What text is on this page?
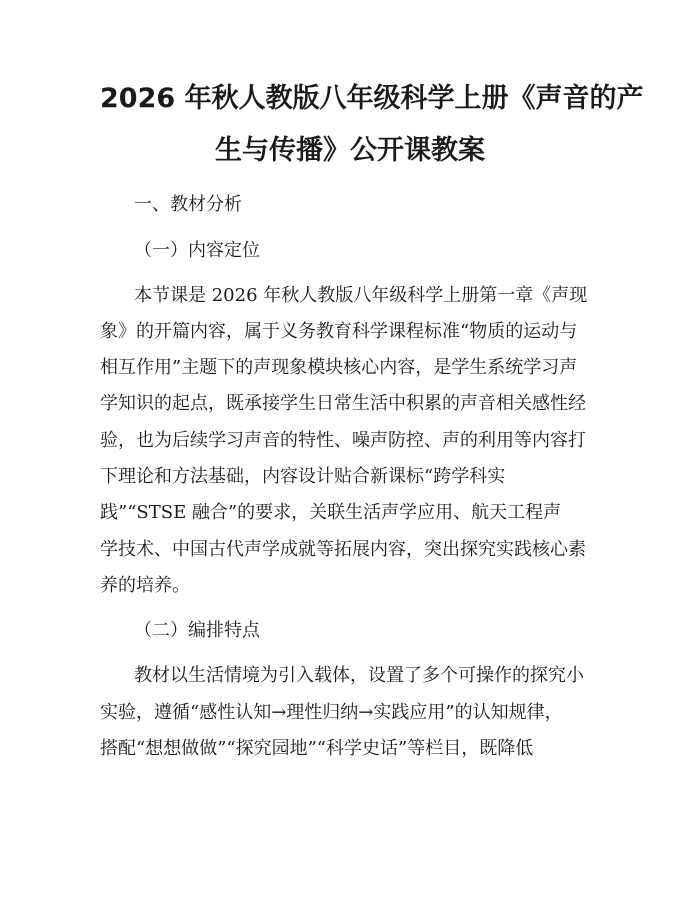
2026 年秋人教版八年级科学上册《声音的产
生与传播》公开课教案
一、教材分析
（一）内容定位
本节课是 2026 年秋人教版八年级科学上册第一章《声现
象》的开篇内容，属于义务教育科学课程标准“物质的运动与
相互作用”主题下的声现象模块核心内容，是学生系统学习声
学知识的起点，既承接学生日常生活中积累的声音相关感性经
验，也为后续学习声音的特性、噪声防控、声的利用等内容打
下理论和方法基础，内容设计贴合新课标“跨学科实
践”“STSE 融合”的要求，关联生活声学应用、航天工程声
学技术、中国古代声学成就等拓展内容，突出探究实践核心素
养的培养。
（二）编排特点
教材以生活情境为引入载体，设置了多个可操作的探究小
实验，遵循“感性认知→理性归纳→实践应用”的认知规律，
搭配“想想做做”“探究园地”“科学史话”等栏目，既降低
